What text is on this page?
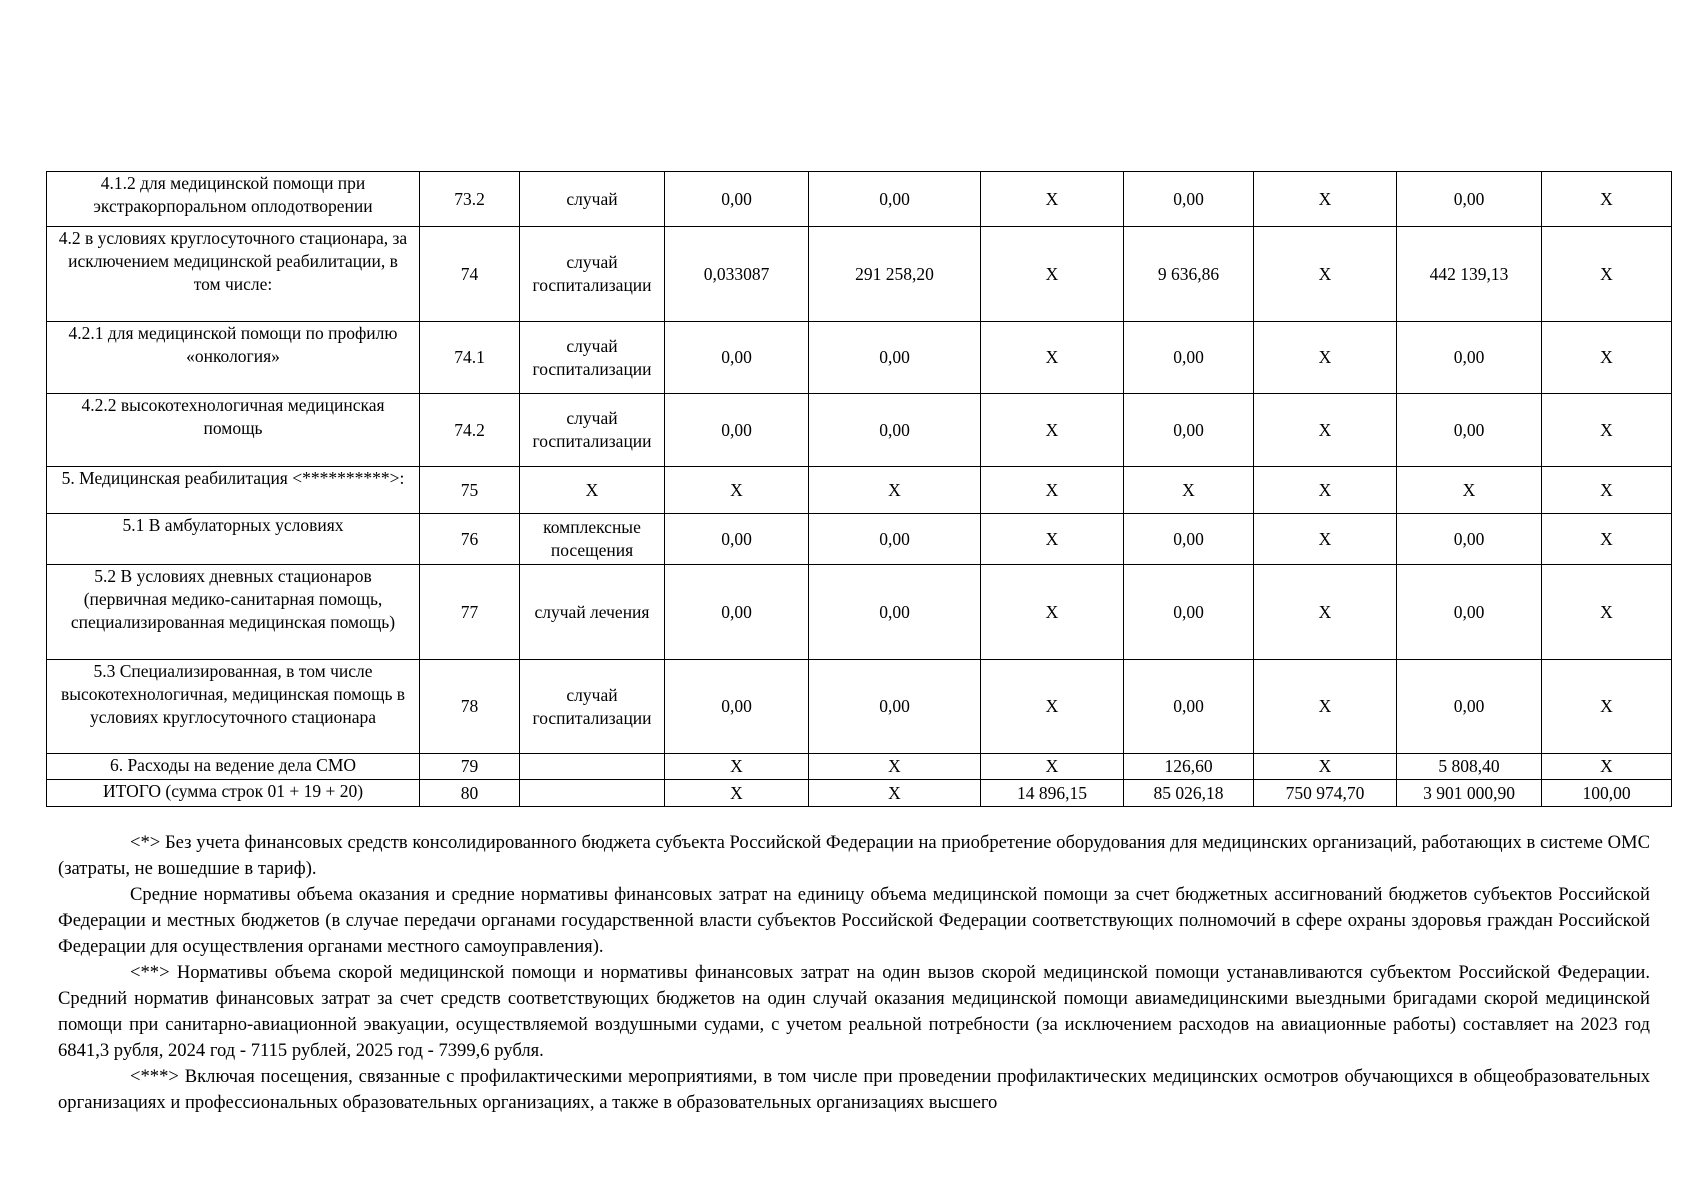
4.1.2 для медицинской помощи при экстракорпоральном оплодотворении	73.2	случай	0,00	0,00	X	0,00	X	0,00	X
4.2 в условиях круглосуточного стационара, за исключением медицинской реабилитации, в том числе:	74	случай госпитализации	0,033087	291 258,20	X	9 636,86	X	442 139,13	X
4.2.1 для медицинской помощи по профилю «онкология»	74.1	случай госпитализации	0,00	0,00	X	0,00	X	0,00	X
4.2.2 высокотехнологичная медицинская помощь	74.2	случай госпитализации	0,00	0,00	X	0,00	X	0,00	X
5. Медицинская реабилитация <**********>:	75	X	X	X	X	X	X	X	X
5.1 В амбулаторных условиях	76	комплексные посещения	0,00	0,00	X	0,00	X	0,00	X
5.2 В условиях дневных стационаров (первичная медико-санитарная помощь, специализированная медицинская помощь)	77	случай лечения	0,00	0,00	X	0,00	X	0,00	X
5.3 Специализированная, в том числе высокотехнологичная, медицинская помощь в условиях круглосуточного стационара	78	случай госпитализации	0,00	0,00	X	0,00	X	0,00	X
6. Расходы на ведение дела СМО	79		X	X	X	126,60	X	5 808,40	X
ИТОГО (сумма строк 01 + 19 + 20)	80		X	X	14 896,15	85 026,18	750 974,70	3 901 000,90	100,00

<*> Без учета финансовых средств консолидированного бюджета субъекта Российской Федерации на приобретение оборудования для медицинских организаций, работающих в системе ОМС (затраты, не вошедшие в тариф).

Средние нормативы объема оказания и средние нормативы финансовых затрат на единицу объема медицинской помощи за счет бюджетных ассигнований бюджетов субъектов Российской Федерации и местных бюджетов (в случае передачи органами государственной власти субъектов Российской Федерации соответствующих полномочий в сфере охраны здоровья граждан Российской Федерации для осуществления органами местного самоуправления).

<**> Нормативы объема скорой медицинской помощи и нормативы финансовых затрат на один вызов скорой медицинской помощи устанавливаются субъектом Российской Федерации. Средний норматив финансовых затрат за счет средств соответствующих бюджетов на один случай оказания медицинской помощи авиамедицинскими выездными бригадами скорой медицинской помощи при санитарно-авиационной эвакуации, осуществляемой воздушными судами, с учетом реальной потребности (за исключением расходов на авиационные работы) составляет на 2023 год 6841,3 рубля, 2024 год - 7115 рублей, 2025 год - 7399,6 рубля.

<***> Включая посещения, связанные с профилактическими мероприятиями, в том числе при проведении профилактических медицинских осмотров обучающихся в общеобразовательных организациях и профессиональных образовательных организациях, а также в образовательных организациях высшего
